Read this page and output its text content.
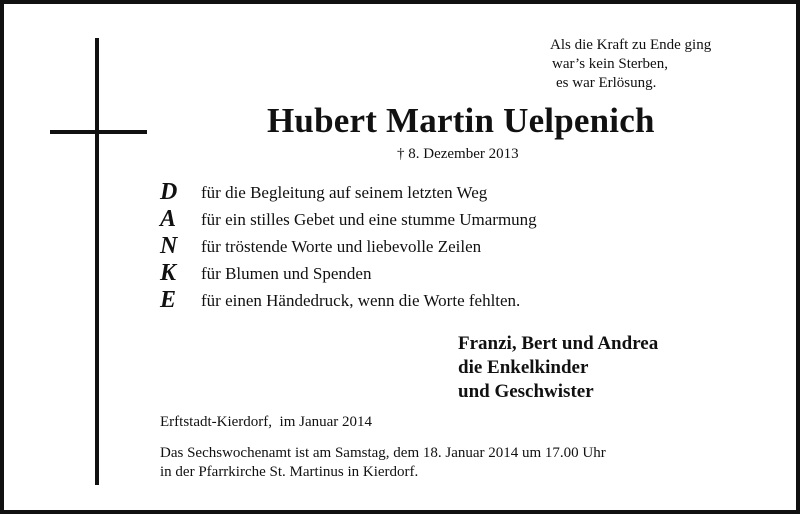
Als die Kraft zu Ende ging
war’s kein Sterben,
es war Erlösung.
Hubert Martin Uelpenich
† 8. Dezember 2013
D für die Begleitung auf seinem letzten Weg
A für ein stilles Gebet und eine stumme Umarmung
N für tröstende Worte und liebevolle Zeilen
K für Blumen und Spenden
E für einen Händedruck, wenn die Worte fehlten.
Franzi, Bert und Andrea
die Enkelkinder
und Geschwister
Erftstadt-Kierdorf,  im Januar 2014
Das Sechswochenamt ist am Samstag, dem 18. Januar 2014 um 17.00 Uhr
in der Pfarrkirche St. Martinus in Kierdorf.
